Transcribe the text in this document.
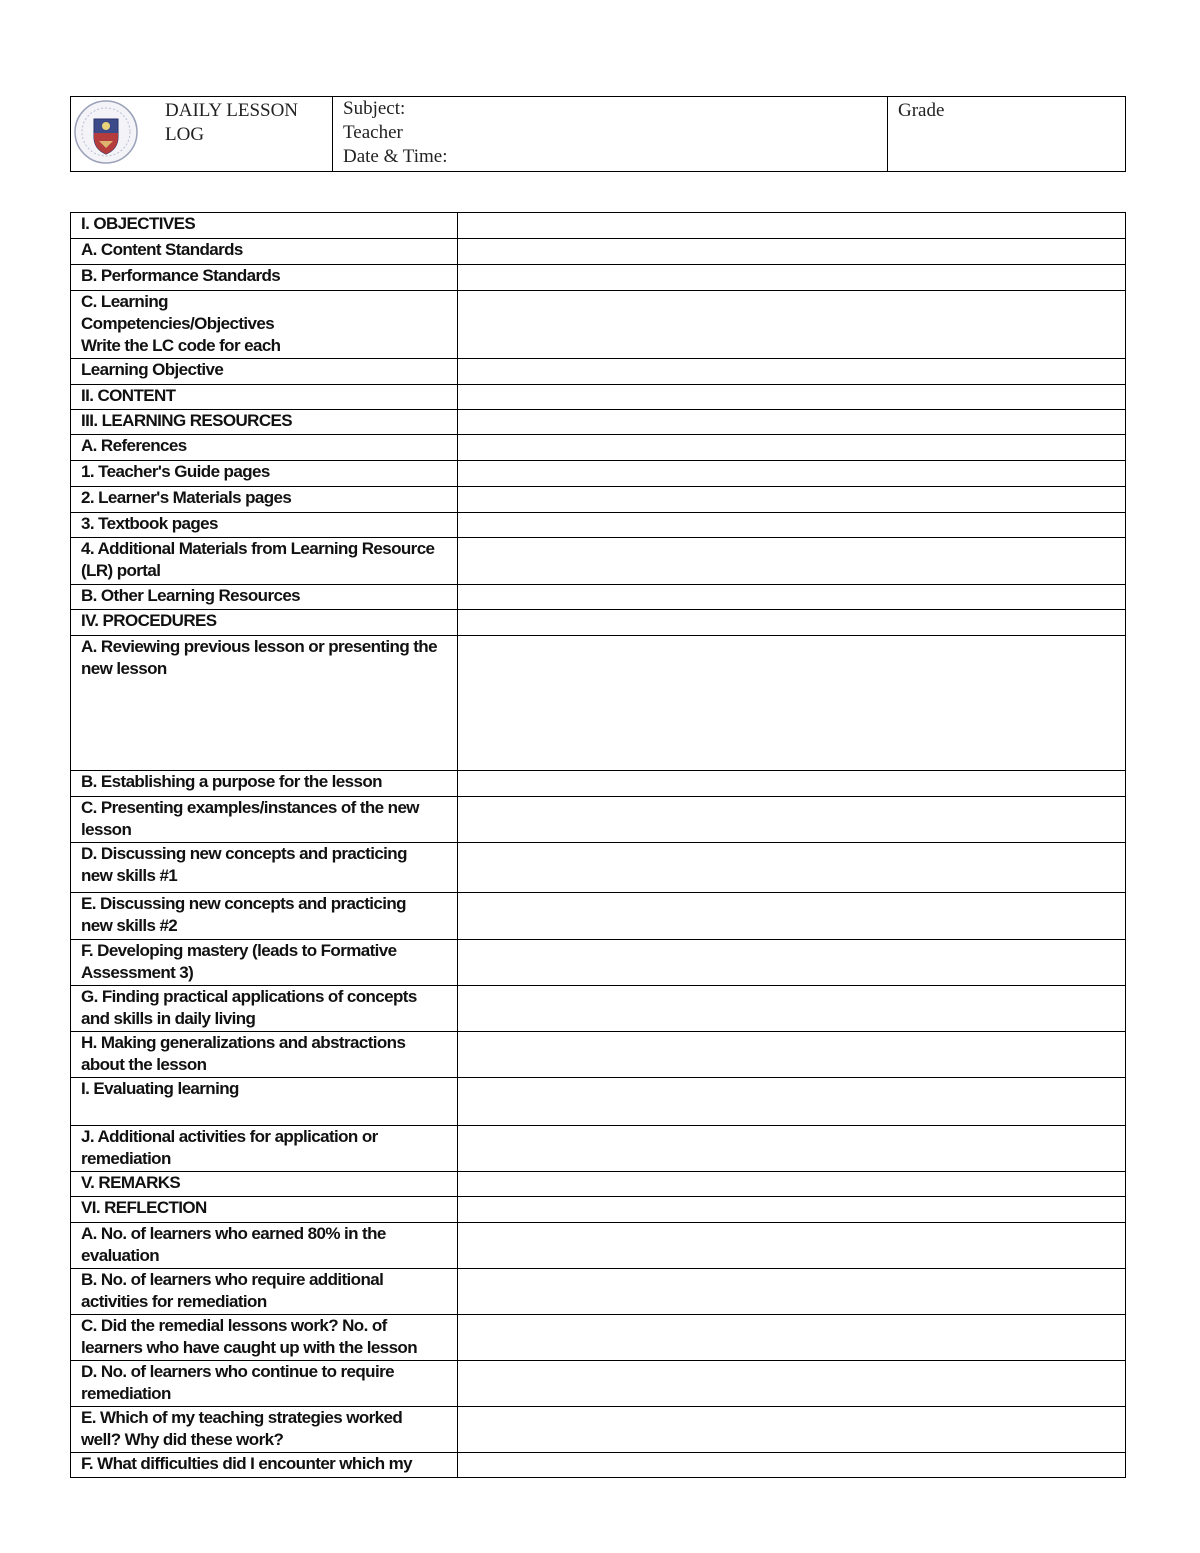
DAILY LESSON
LOG

Subject:
Teacher
Date & Time:

Grade
I. OBJECTIVES	
A. Content Standards	
B. Performance Standards	
C. Learning
Competencies/Objectives
Write the LC code for each	
Learning Objective	
II. CONTENT	
III. LEARNING RESOURCES	
A. References	
1. Teacher's Guide pages	
2. Learner's Materials pages	
3. Textbook pages	
4. Additional Materials from Learning Resource
(LR) portal	
B. Other Learning Resources	
IV. PROCEDURES	
A. Reviewing previous lesson or presenting the
new lesson	
B. Establishing a purpose for the lesson	
C. Presenting examples/instances of the new
lesson	
D. Discussing new concepts and practicing
new skills #1	
E. Discussing new concepts and practicing
new skills #2	
F. Developing mastery (leads to Formative
Assessment 3)	
G. Finding practical applications of concepts
and skills in daily living	
H. Making generalizations and abstractions
about the lesson	
I. Evaluating learning	
J. Additional activities for application or
remediation	
V. REMARKS	
VI. REFLECTION	
A. No. of learners who earned 80% in the
evaluation	
B. No. of learners who require additional
activities for remediation	
C. Did the remedial lessons work? No. of
learners who have caught up with the lesson	
D. No. of learners who continue to require
remediation	
E. Which of my teaching strategies worked
well? Why did these work?	
F. What difficulties did I encounter which my	
